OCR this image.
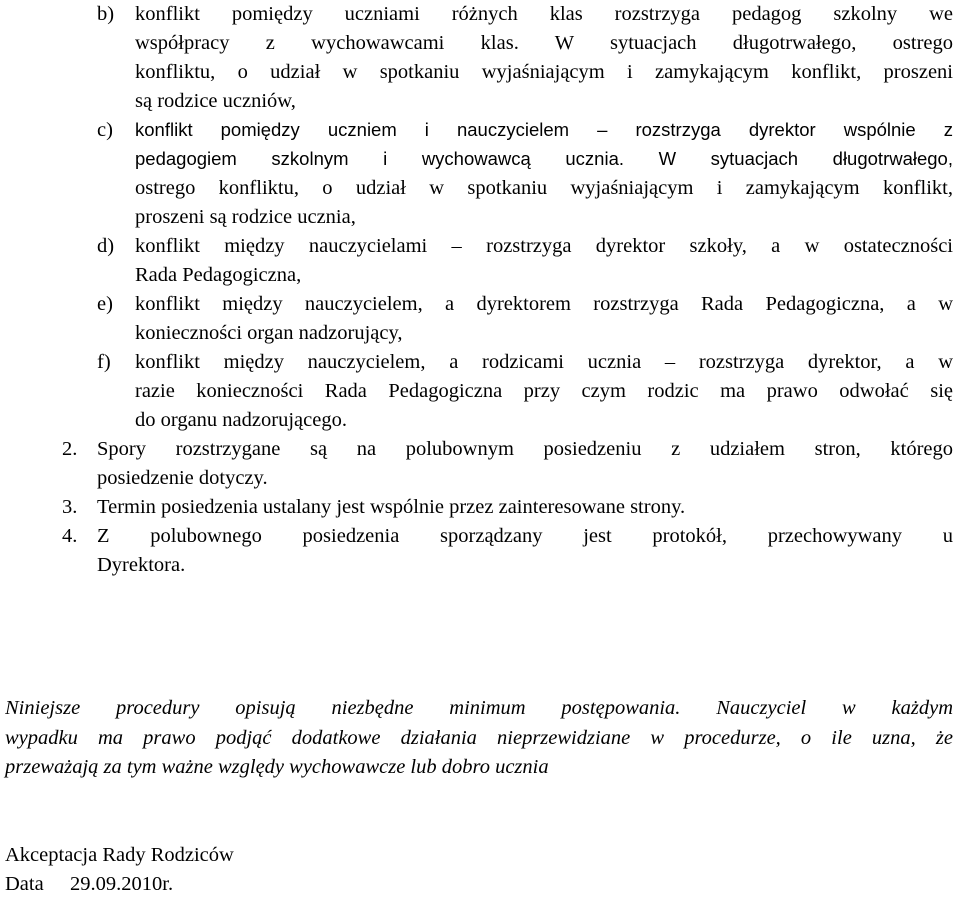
b) konflikt pomiędzy uczniami różnych klas rozstrzyga pedagog szkolny we
współpracy z wychowawcami klas. W sytuacjach długotrwałego, ostrego
konfliktu, o udział w spotkaniu wyjaśniającym i zamykającym konflikt, proszeni
są rodzice uczniów,
c) konflikt pomiędzy uczniem i nauczycielem – rozstrzyga dyrektor wspólnie z
pedagogiem szkolnym i wychowawcą ucznia. W sytuacjach długotrwałego,
ostrego konfliktu, o udział w spotkaniu wyjaśniającym i zamykającym konflikt,
proszeni są rodzice ucznia,
d) konflikt między nauczycielami – rozstrzyga dyrektor szkoły, a w ostateczności
Rada Pedagogiczna,
e) konflikt między nauczycielem, a dyrektorem rozstrzyga Rada Pedagogiczna, a w
konieczności organ nadzorujący,
f) konflikt między nauczycielem, a rodzicami ucznia – rozstrzyga dyrektor, a w
razie konieczności Rada Pedagogiczna przy czym rodzic ma prawo odwołać się
do organu nadzorującego.
2. Spory rozstrzygane są na polubownym posiedzeniu z udziałem stron, którego
posiedzenie dotyczy.
3. Termin posiedzenia ustalany jest wspólnie przez zainteresowane strony.
4. Z polubownego posiedzenia sporządzany jest protokół, przechowywany u
Dyrektora.
Niniejsze procedury opisują niezbędne minimum postępowania. Nauczyciel w każdym
wypadku ma prawo podjąć dodatkowe działania nieprzewidziane w procedurze, o ile uzna, że
przeważają za tym ważne względy wychowawcze lub dobro ucznia
Akceptacja Rady Rodziców
Data 29.09.2010r.
